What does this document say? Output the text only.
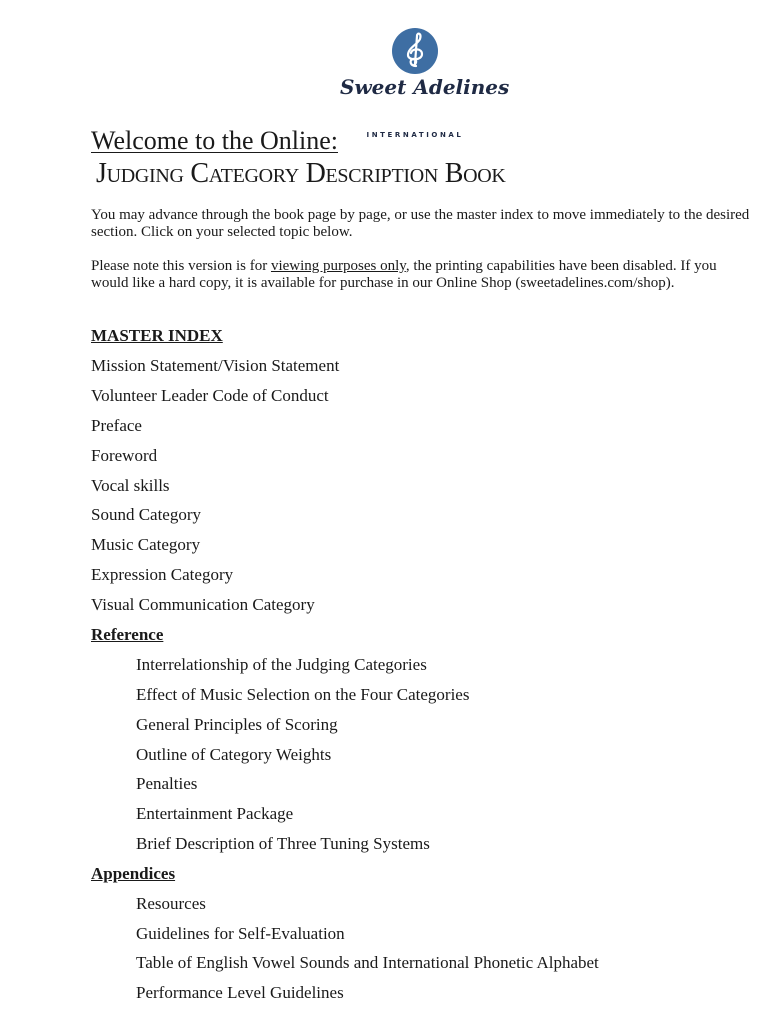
Sweet Adelines
INTERNATIONAL
Welcome to the Online:
Judging Category Description Book

You may advance through the book page by page, or use the master index to move immediately to the desired section. Click on your selected topic below.

Please note this version is for viewing purposes only, the printing capabilities have been disabled. If you would like a hard copy, it is available for purchase in our Online Shop (sweetadelines.com/shop).

MASTER INDEX
Mission Statement/Vision Statement
Volunteer Leader Code of Conduct
Preface
Foreword
Vocal skills
Sound Category
Music Category
Expression Category
Visual Communication Category
Reference
Interrelationship of the Judging Categories
Effect of Music Selection on the Four Categories
General Principles of Scoring
Outline of Category Weights
Penalties
Entertainment Package
Brief Description of Three Tuning Systems
Appendices
Resources
Guidelines for Self-Evaluation
Table of English Vowel Sounds and International Phonetic Alphabet
Performance Level Guidelines
